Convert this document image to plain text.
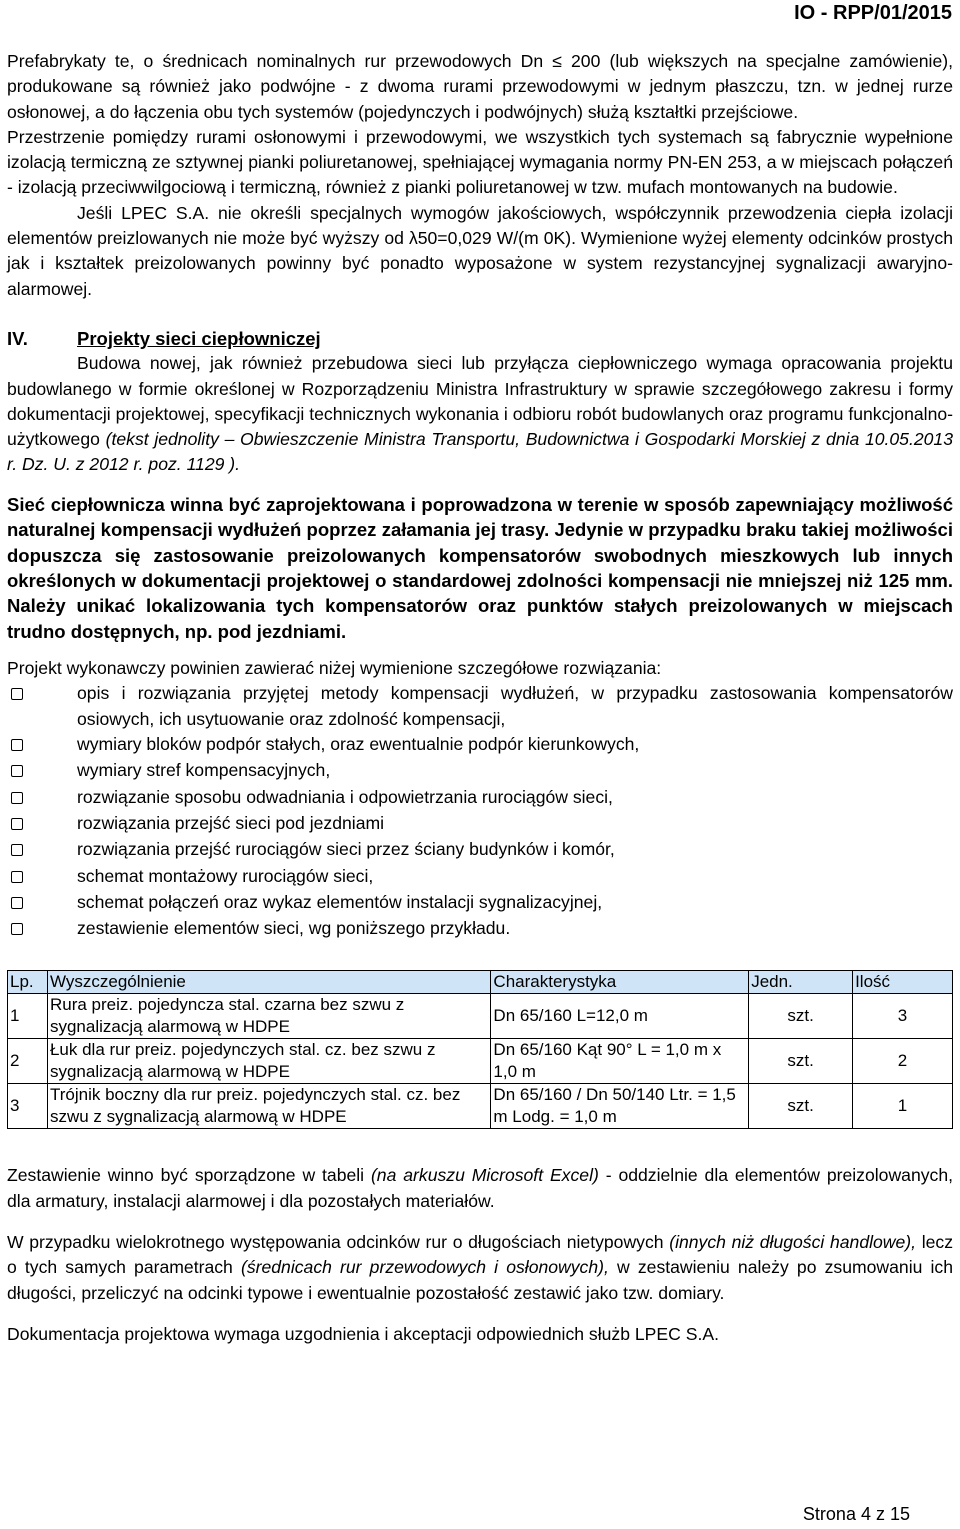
IO - RPP/01/2015

Prefabrykaty te, o średnicach nominalnych rur przewodowych Dn ≤ 200 (lub większych na specjalne zamówienie), produkowane są również jako podwójne - z dwoma rurami przewodowymi w jednym płaszczu, tzn. w jednej rurze osłonowej, a do łączenia obu tych systemów (pojedynczych i podwójnych) służą kształtki przejściowe.

Przestrzenie pomiędzy rurami osłonowymi i przewodowymi, we wszystkich tych systemach są fabrycznie wypełnione izolacją termiczną ze sztywnej pianki poliuretanowej, spełniającej wymagania normy PN-EN 253, a w miejscach połączeń - izolacją przeciwwilgociową i termiczną, również z pianki poliuretanowej w tzw. mufach montowanych na budowie.

Jeśli LPEC S.A. nie określi specjalnych wymogów jakościowych, współczynnik przewodzenia ciepła izolacji elementów preizlowanych nie może być wyższy od λ50=0,029 W/(m 0K). Wymienione wyżej elementy odcinków prostych jak i kształtek preizolowanych powinny być ponadto wyposażone w system rezystancyjnej sygnalizacji awaryjno-alarmowej.

IV.	Projekty sieci ciepłowniczej

Budowa nowej, jak również przebudowa sieci lub przyłącza ciepłowniczego wymaga opracowania projektu budowlanego w formie określonej w Rozporządzeniu Ministra Infrastruktury w sprawie szczegółowego zakresu i formy dokumentacji projektowej, specyfikacji technicznych wykonania i odbioru robót budowlanych oraz programu funkcjonalno-użytkowego (tekst jednolity – Obwieszczenie Ministra Transportu, Budownictwa i Gospodarki Morskiej z dnia 10.05.2013 r. Dz. U. z 2012 r. poz. 1129 ).

Sieć ciepłownicza winna być zaprojektowana i poprowadzona w terenie w sposób zapewniający możliwość naturalnej kompensacji wydłużeń poprzez załamania jej trasy. Jedynie w przypadku braku takiej możliwości dopuszcza się zastosowanie preizolowanych kompensatorów swobodnych mieszkowych lub innych określonych w dokumentacji projektowej o standardowej zdolności kompensacji nie mniejszej niż 125 mm. Należy unikać lokalizowania tych kompensatorów oraz punktów stałych preizolowanych w miejscach trudno dostępnych, np. pod jezdniami.

Projekt wykonawczy powinien zawierać niżej wymienione szczegółowe rozwiązania:

opis i rozwiązania przyjętej metody kompensacji wydłużeń, w przypadku zastosowania kompensatorów osiowych, ich usytuowanie oraz zdolność kompensacji,
wymiary bloków podpór stałych, oraz ewentualnie podpór kierunkowych,
wymiary stref kompensacyjnych,
rozwiązanie sposobu odwadniania i odpowietrzania rurociągów sieci,
rozwiązania przejść sieci pod jezdniami
rozwiązania przejść rurociągów sieci przez ściany budynków i komór,
schemat montażowy rurociągów sieci,
schemat połączeń oraz wykaz elementów instalacji sygnalizacyjnej,
zestawienie elementów sieci, wg poniższego przykładu.
Lp.	Wyszczególnienie	Charakterystyka	Jedn.	Ilość
1	Rura preiz. pojedyncza stal. czarna bez szwu z sygnalizacją alarmową w HDPE	Dn 65/160 L=12,0 m	szt.	3
2	Łuk dla rur preiz. pojedynczych stal. cz. bez szwu z sygnalizacją alarmową w HDPE	Dn 65/160 Kąt 90° L = 1,0 m x 1,0 m	szt.	2
3	Trójnik boczny dla rur preiz. pojedynczych stal. cz. bez szwu z sygnalizacją alarmową w HDPE	Dn 65/160 / Dn 50/140 Ltr. = 1,5 m Lodg. = 1,0 m	szt.	1

Zestawienie winno być sporządzone w tabeli (na arkuszu Microsoft Excel) - oddzielnie dla elementów preizolowanych, dla armatury, instalacji alarmowej i dla pozostałych materiałów.

W przypadku wielokrotnego występowania odcinków rur o długościach nietypowych (innych niż długości handlowe), lecz o tych samych parametrach (średnicach rur przewodowych i osłonowych), w zestawieniu należy po zsumowaniu ich długości, przeliczyć na odcinki typowe i ewentualnie pozostałość zestawić jako tzw. domiary.

Dokumentacja projektowa wymaga uzgodnienia i akceptacji odpowiednich służb LPEC S.A.

Strona 4 z 15
